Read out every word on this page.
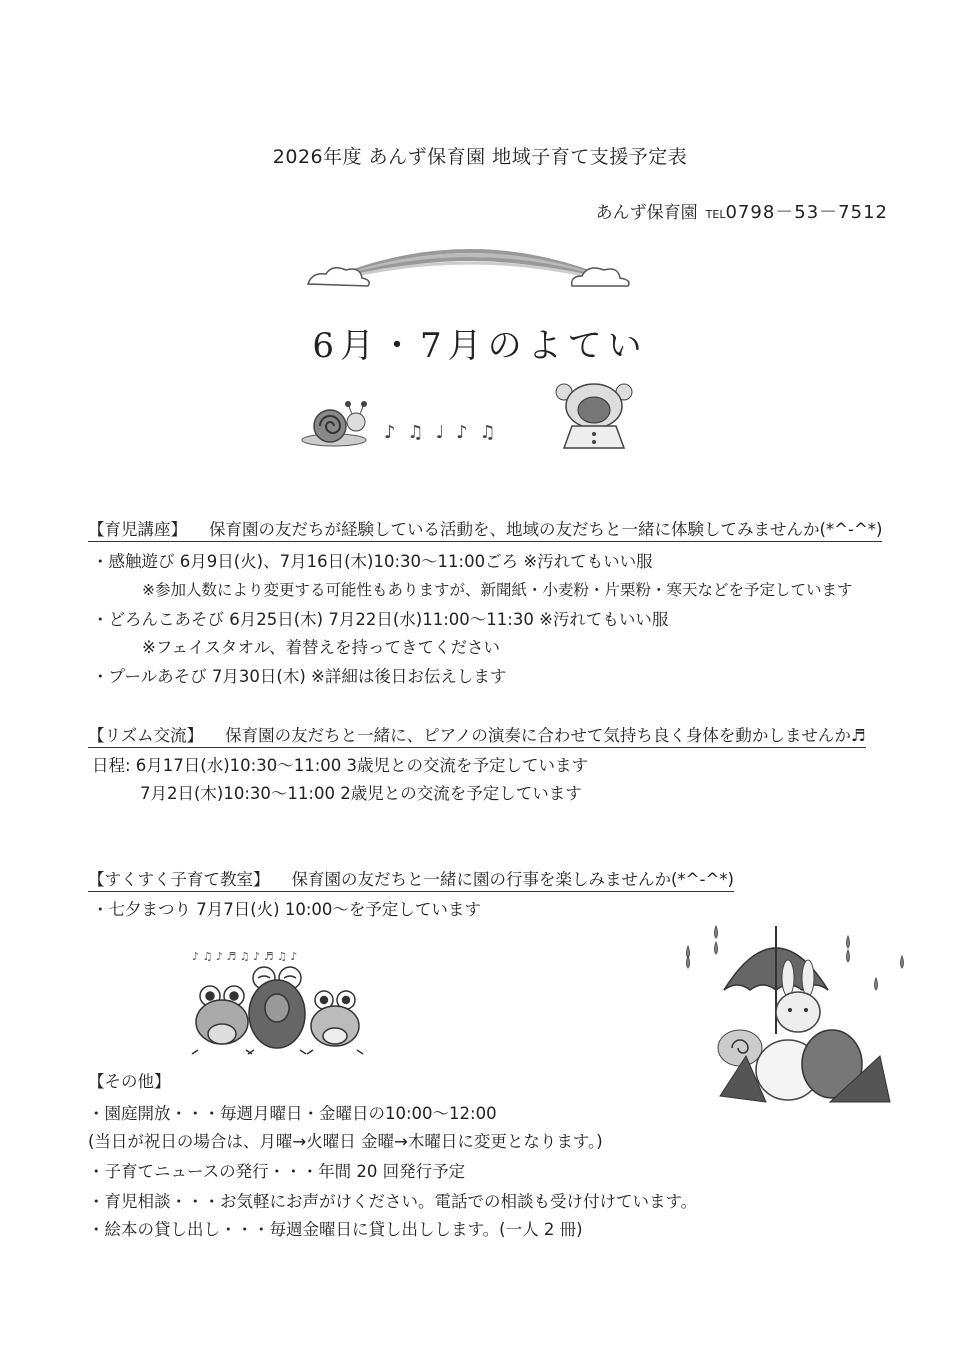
2026年度 あんず保育園 地域子育て支援予定表
あんず保育園 TEL0798－53－7512
6月・7月のよてい
♪♫♩♪♫
【育児講座】 保育園の友だちが経験している活動を、地域の友だちと一緒に体験してみませんか(*^-^*)
・感触遊び 6月9日(火)、7月16日(木)10:30～11:00ごろ ※汚れてもいい服
※参加人数により変更する可能性もありますが、新聞紙・小麦粉・片栗粉・寒天などを予定しています
・どろんこあそび 6月25日(木) 7月22日(水)11:00～11:30 ※汚れてもいい服
※フェイスタオル、着替えを持ってきてください
・プールあそび 7月30日(木) ※詳細は後日お伝えします
【リズム交流】 保育園の友だちと一緒に、ピアノの演奏に合わせて気持ち良く身体を動かしませんか♬
日程: 6月17日(水)10:30～11:00 3歳児との交流を予定しています
7月2日(木)10:30～11:00 2歳児との交流を予定しています
【すくすく子育て教室】 保育園の友だちと一緒に園の行事を楽しみませんか(*^-^*)
・七夕まつり 7月7日(火) 10:00～を予定しています
♪ ♫ ♪ ♬ ♫ ♪ ♬ ♫ ♪
【その他】
・園庭開放・・・毎週月曜日・金曜日の10:00～12:00
(当日が祝日の場合は、月曜→火曜日 金曜→木曜日に変更となります。)
・子育てニュースの発行・・・年間 20 回発行予定
・育児相談・・・お気軽にお声がけください。電話での相談も受け付けています。
・絵本の貸し出し・・・毎週金曜日に貸し出しします。(一人 2 冊)
